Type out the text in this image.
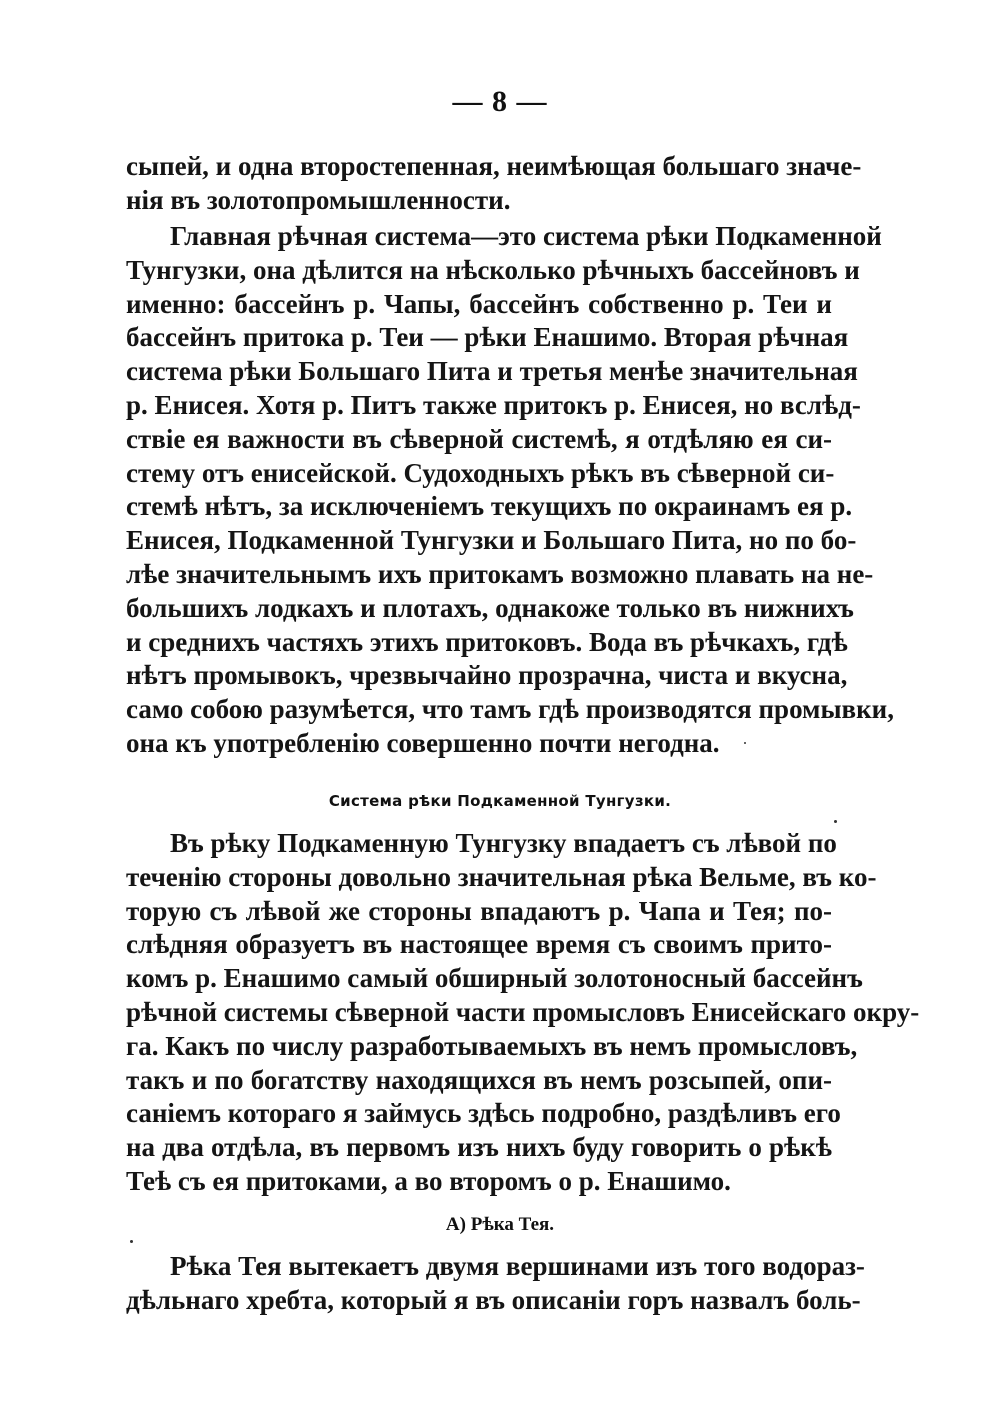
— 8 —
сыпей, и одна второстепенная, неимѣющая большаго значе-
нія въ золотопромышленности.
Главная рѣчная система—это система рѣки Подкаменной
Тунгузки, она дѣлится на нѣсколько рѣчныхъ бассейновъ и
именно: бассейнъ р. Чапы, бассейнъ собственно р. Теи и
бассейнъ притока р. Теи — рѣки Енашимо. Вторая рѣчная
система рѣки Большаго Пита и третья менѣе значительная
р. Енисея. Хотя р. Питъ также притокъ р. Енисея, но вслѣд-
ствіе ея важности въ сѣверной системѣ, я отдѣляю ея си-
стему отъ енисейской. Судоходныхъ рѣкъ въ сѣверной си-
стемѣ нѣтъ, за исключеніемъ текущихъ по окраинамъ ея р.
Енисея, Подкаменной Тунгузки и Большаго Пита, но по бо-
лѣе значительнымъ ихъ притокамъ возможно плавать на не-
большихъ лодкахъ и плотахъ, однакоже только въ нижнихъ
и среднихъ частяхъ этихъ притоковъ. Вода въ рѣчкахъ, гдѣ
нѣтъ промывокъ, чрезвычайно прозрачна, чиста и вкусна,
само собою разумѣется, что тамъ гдѣ производятся промывки,
она къ употребленію совершенно почти негодна.
Система рѣки Подкаменной Тунгузки.
Въ рѣку Подкаменную Тунгузку впадаетъ съ лѣвой по
теченію стороны довольно значительная рѣка Вельме, въ ко-
торую съ лѣвой же стороны впадаютъ р. Чапа и Тея; по-
слѣдняя образуетъ въ настоящее время съ своимъ прито-
комъ р. Енашимо самый обширный золотоносный бассейнъ
рѣчной системы сѣверной части промысловъ Енисейскаго окру-
га. Какъ по числу разработываемыхъ въ немъ промысловъ,
такъ и по богатству находящихся въ немъ розсыпей, опи-
саніемъ котораго я займусь здѣсь подробно, раздѣливъ его
на два отдѣла, въ первомъ изъ нихъ буду говорить о рѣкѣ
Теѣ съ ея притоками, а во второмъ о р. Енашимо.
А) Рѣка Тея.
Рѣка Тея вытекаетъ двумя вершинами изъ того водораз-
дѣльнаго хребта, который я въ описаніи горъ назвалъ боль-
